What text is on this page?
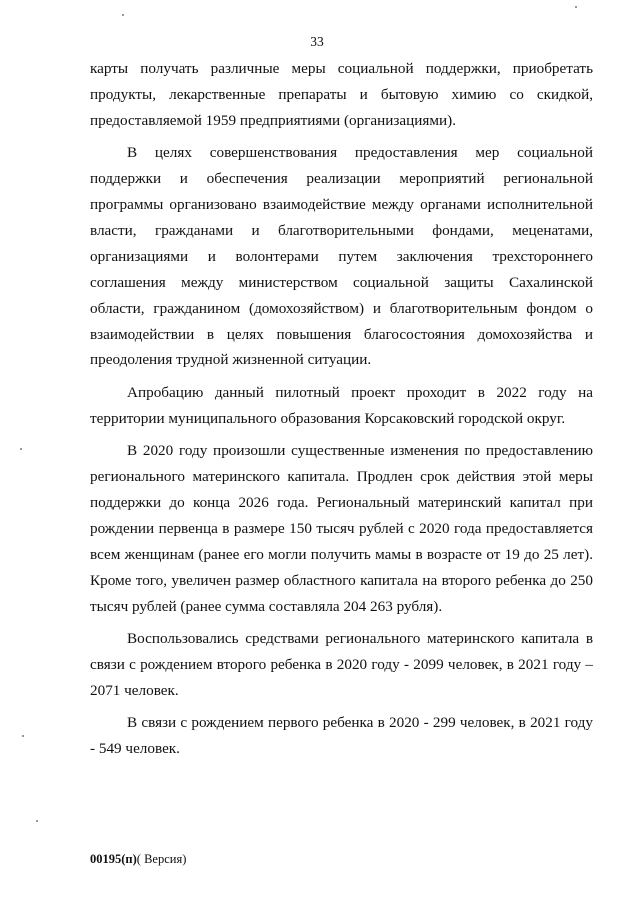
33

карты получать различные меры социальной поддержки, приобретать продукты, лекарственные препараты и бытовую химию со скидкой, предоставляемой 1959 предприятиями (организациями).

В целях совершенствования предоставления мер социальной поддержки и обеспечения реализации мероприятий региональной программы организовано взаимодействие между органами исполнительной власти, гражданами и благотворительными фондами, меценатами, организациями и волонтерами путем заключения трехстороннего соглашения между министерством социальной защиты Сахалинской области, гражданином (домохозяйством) и благотворительным фондом о взаимодействии в целях повышения благосостояния домохозяйства и преодоления трудной жизненной ситуации.

Апробацию данный пилотный проект проходит в 2022 году на территории муниципального образования Корсаковский городской округ.

В 2020 году произошли существенные изменения по предоставлению регионального материнского капитала. Продлен срок действия этой меры поддержки до конца 2026 года. Региональный материнский капитал при рождении первенца в размере 150 тысяч рублей с 2020 года предоставляется всем женщинам (ранее его могли получить мамы в возрасте от 19 до 25 лет). Кроме того, увеличен размер областного капитала на второго ребенка до 250 тысяч рублей (ранее сумма составляла 204 263 рубля).

Воспользовались средствами регионального материнского капитала в связи с рождением второго ребенка в 2020 году - 2099 человек, в 2021 году – 2071 человек.

В связи с рождением первого ребенка в 2020 - 299 человек, в 2021 году - 549 человек.

00195(п)( Версия)
